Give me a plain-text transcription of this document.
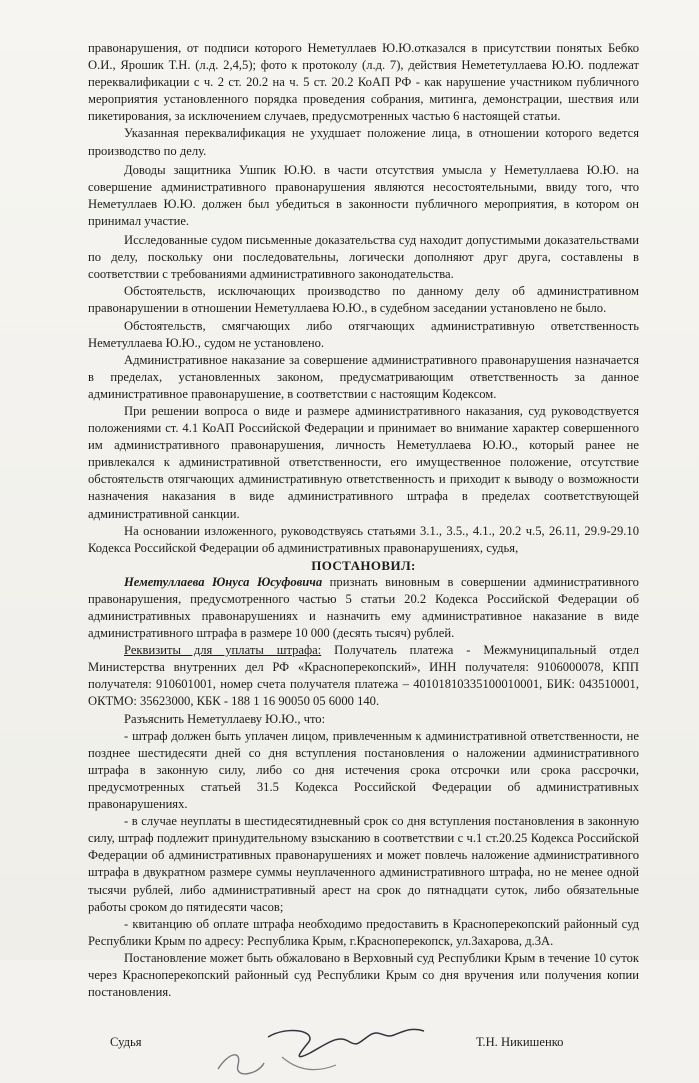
правонарушения, от подписи которого Неметуллаев Ю.Ю.отказался в присутствии понятых Бебко О.И., Ярошик Т.Н. (л.д. 2,4,5); фото к протоколу (л.д. 7), действия Немететуллаева Ю.Ю. подлежат переквалификации с ч. 2 ст. 20.2 на ч. 5 ст. 20.2 КоАП РФ - как нарушение участником публичного мероприятия установленного порядка проведения собрания, митинга, демонстрации, шествия или пикетирования, за исключением случаев, предусмотренных частью 6 настоящей статьи.

Указанная переквалификация не ухудшает положение лица, в отношении которого ведется производство по делу.

Доводы защитника Ушпик Ю.Ю. в части отсутствия умысла у Неметуллаева Ю.Ю. на совершение административного правонарушения являются несостоятельными, ввиду того, что Неметуллаев Ю.Ю. должен был убедиться в законности публичного мероприятия, в котором он принимал участие.

Исследованные судом письменные доказательства суд находит допустимыми доказательствами по делу, поскольку они последовательны, логически дополняют друг друга, составлены в соответствии с требованиями административного законодательства.

Обстоятельств, исключающих производство по данному делу об административном правонарушении в отношении Неметуллаева Ю.Ю., в судебном заседании установлено не было.

Обстоятельств, смягчающих либо отягчающих административную ответственность Неметуллаева Ю.Ю., судом не установлено.

Административное наказание за совершение административного правонарушения назначается в пределах, установленных законом, предусматривающим ответственность за данное административное правонарушение, в соответствии с настоящим Кодексом.

При решении вопроса о виде и размере административного наказания, суд руководствуется положениями ст. 4.1 КоАП Российской Федерации и принимает во внимание характер совершенного им административного правонарушения, личность Неметуллаева Ю.Ю., который ранее не привлекался к административной ответственности, его имущественное положение, отсутствие обстоятельств отягчающих административную ответственность и приходит к выводу о возможности назначения наказания в виде административного штрафа в пределах соответствующей административной санкции.

На основании изложенного, руководствуясь статьями 3.1., 3.5., 4.1., 20.2 ч.5, 26.11, 29.9-29.10 Кодекса Российской Федерации об административных правонарушениях, судья,

ПОСТАНОВИЛ:

Неметуллаева Юнуса Юсуфовича признать виновным в совершении административного правонарушения, предусмотренного частью 5 статьи 20.2 Кодекса Российской Федерации об административных правонарушениях и назначить ему административное наказание в виде административного штрафа в размере 10 000 (десять тысяч) рублей.

Реквизиты для уплаты штрафа: Получатель платежа - Межмуниципальный отдел Министерства внутренних дел РФ «Красноперекопский», ИНН получателя: 9106000078, КПП получателя: 910601001, номер счета получателя платежа – 40101810335100010001, БИК: 043510001, ОКТМО: 35623000, КБК - 188 1 16 90050 05 6000 140.

Разъяснить Неметуллаеву Ю.Ю., что:

- штраф должен быть уплачен лицом, привлеченным к административной ответственности, не позднее шестидесяти дней со дня вступления постановления о наложении административного штрафа в законную силу, либо со дня истечения срока отсрочки или срока рассрочки, предусмотренных статьей 31.5 Кодекса Российской Федерации об административных правонарушениях.

- в случае неуплаты в шестидесятидневный срок со дня вступления постановления в законную силу, штраф подлежит принудительному взысканию в соответствии с ч.1 ст.20.25 Кодекса Российской Федерации об административных правонарушениях и может повлечь наложение административного штрафа в двукратном размере суммы неуплаченного административного штрафа, но не менее одной тысячи рублей, либо административный арест на срок до пятнадцати суток, либо обязательные работы сроком до пятидесяти часов;

- квитанцию об оплате штрафа необходимо предоставить в Красноперекопский районный суд Республики Крым по адресу: Республика Крым, г.Красноперекопск, ул.Захарова, д.3А.

Постановление может быть обжаловано в Верховный суд Республики Крым в течение 10 суток через Красноперекопский районный суд Республики Крым со дня вручения или получения копии постановления.

Судья	Т.Н. Никишенко
